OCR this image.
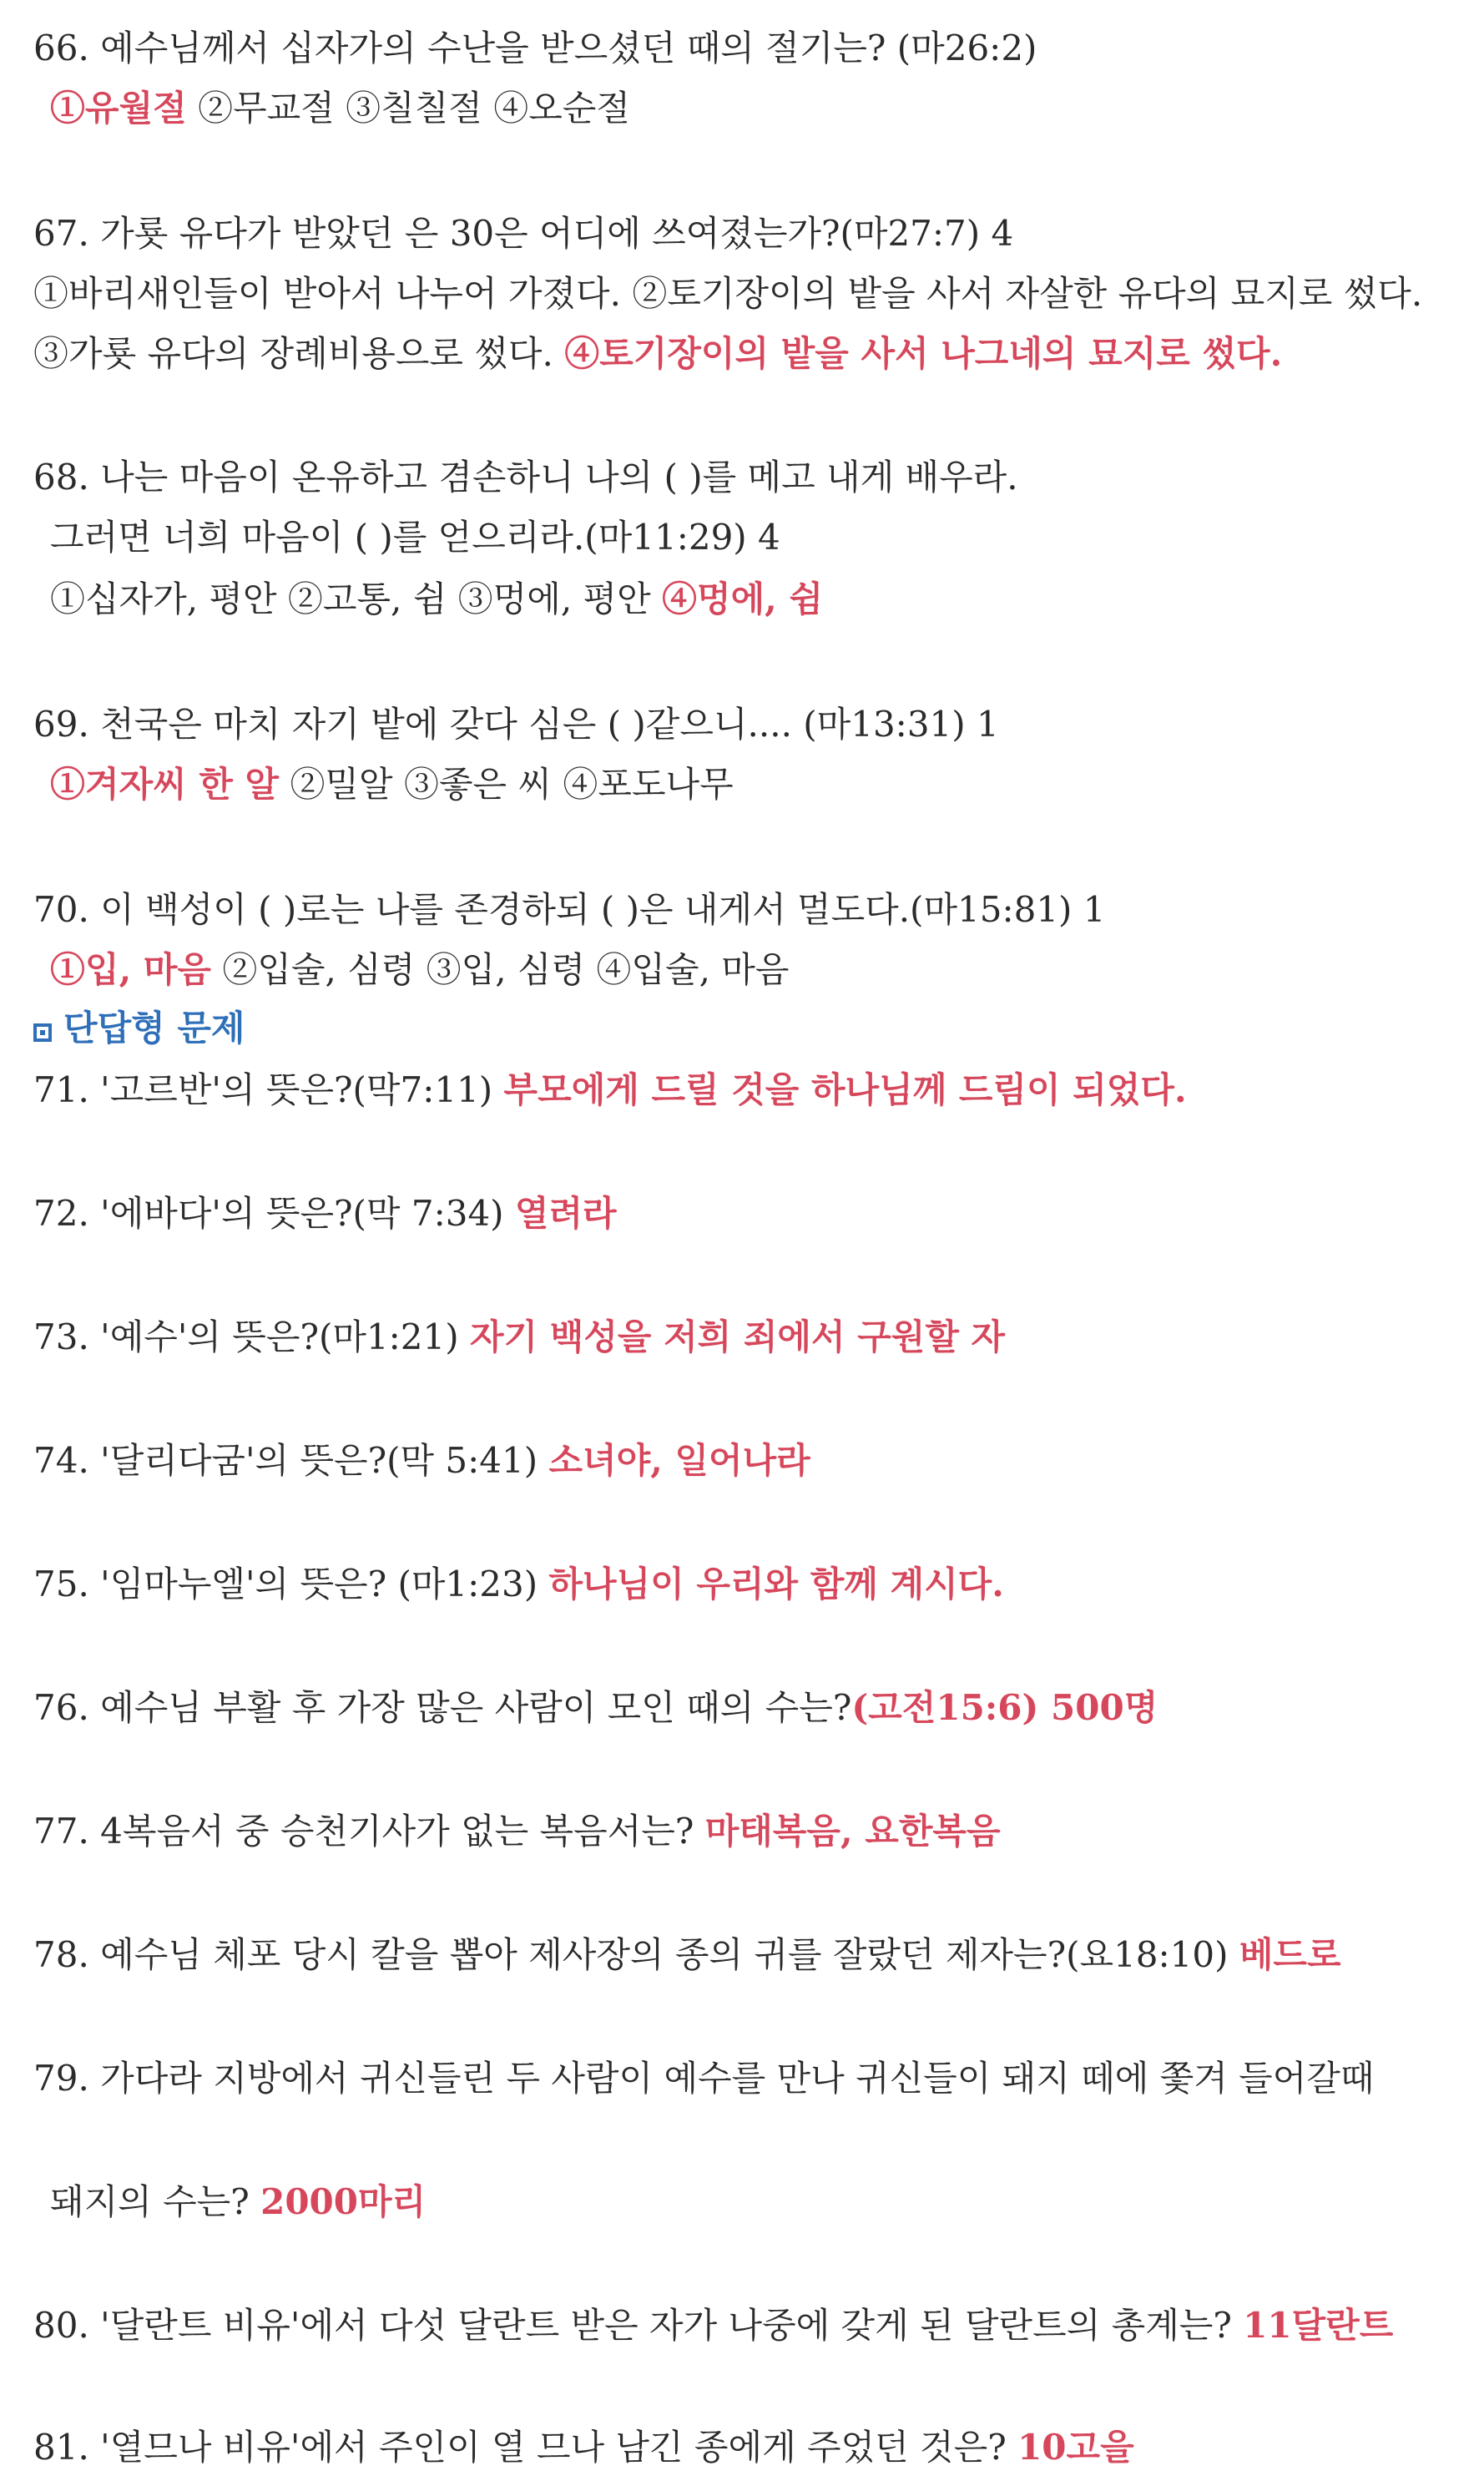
66. 예수님께서 십자가의 수난을 받으셨던 때의 절기는? (마26:2)
①유월절 ②무교절 ③칠칠절 ④오순절
67. 가룟 유다가 받았던 은 30은 어디에 쓰여졌는가?(마27:7) 4
①바리새인들이 받아서 나누어 가졌다. ②토기장이의 밭을 사서 자살한 유다의 묘지로 썼다.
③가룟 유다의 장례비용으로 썼다. ④토기장이의 밭을 사서 나그네의 묘지로 썼다.
68. 나는 마음이 온유하고 겸손하니 나의 ( )를 메고 내게 배우라.
그러면 너희 마음이 ( )를 얻으리라.(마11:29) 4
①십자가, 평안 ②고통, 쉼 ③멍에, 평안 ④멍에, 쉼
69. 천국은 마치 자기 밭에 갖다 심은 ( )같으니.... (마13:31) 1
①겨자씨 한 알 ②밀알 ③좋은 씨 ④포도나무
70. 이 백성이 ( )로는 나를 존경하되 ( )은 내게서 멀도다.(마15:81) 1
①입, 마음 ②입술, 심령 ③입, 심령 ④입술, 마음
단답형 문제
71. '고르반'의 뜻은?(막7:11) 부모에게 드릴 것을 하나님께 드림이 되었다.
72. '에바다'의 뜻은?(막 7:34) 열려라
73. '예수'의 뜻은?(마1:21) 자기 백성을 저희 죄에서 구원할 자
74. '달리다굼'의 뜻은?(막 5:41) 소녀야, 일어나라
75. '임마누엘'의 뜻은? (마1:23) 하나님이 우리와 함께 계시다.
76. 예수님 부활 후 가장 많은 사람이 모인 때의 수는?(고전15:6) 500명
77. 4복음서 중 승천기사가 없는 복음서는? 마태복음, 요한복음
78. 예수님 체포 당시 칼을 뽑아 제사장의 종의 귀를 잘랐던 제자는?(요18:10) 베드로
79. 가다라 지방에서 귀신들린 두 사람이 예수를 만나 귀신들이 돼지 떼에 쫓겨 들어갈때
돼지의 수는? 2000마리
80. '달란트 비유'에서 다섯 달란트 받은 자가 나중에 갖게 된 달란트의 총계는? 11달란트
81. '열므나 비유'에서 주인이 열 므나 남긴 종에게 주었던 것은? 10고을
